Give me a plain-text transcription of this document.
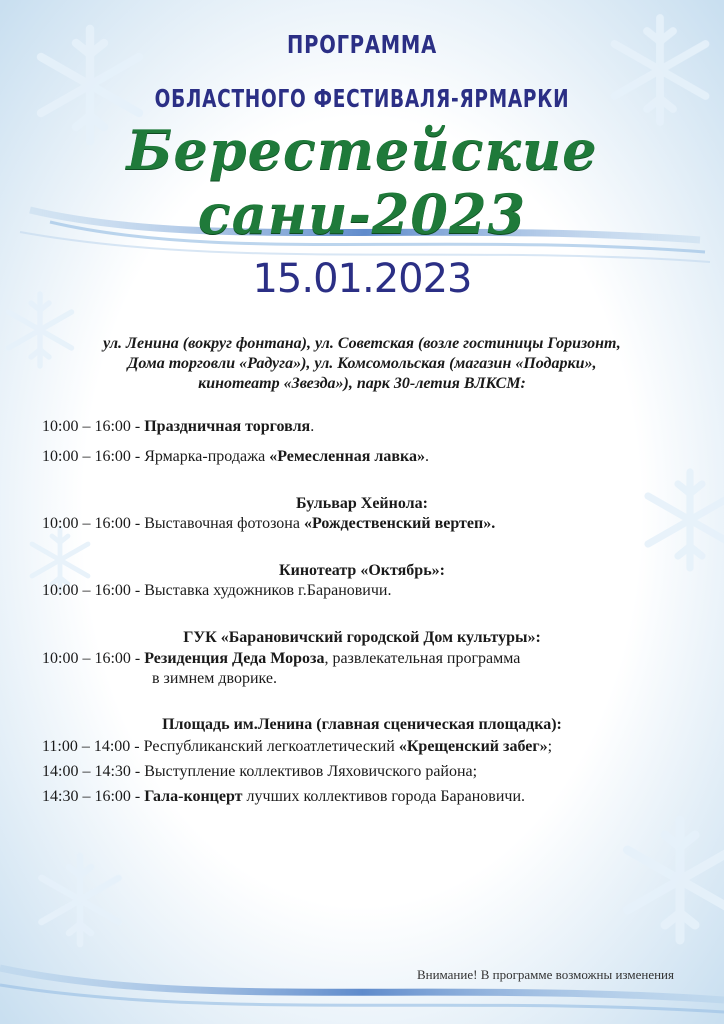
ПРОГРАММА
ОБЛАСТНОГО ФЕСТИВАЛЯ-ЯРМАРКИ
Берестейские сани-2023
15.01.2023
ул. Ленина (вокруг фонтана), ул. Советская (возле гостиницы Горизонт,
Дома торговли «Радуга»), ул. Комсомольская (магазин «Подарки»,
кинотеатр «Звезда»), парк 30-летия ВЛКСМ:
10:00 – 16:00 - Праздничная торговля.
10:00 – 16:00 - Ярмарка-продажа «Ремесленная лавка».
Бульвар Хейнола:
10:00 – 16:00 - Выставочная фотозона «Рождественский вертеп».
Кинотеатр «Октябрь»:
10:00 – 16:00 - Выставка художников г.Барановичи.
ГУК «Барановичский городской Дом культуры»:
10:00 – 16:00 - Резиденция Деда Мороза, развлекательная программа
в зимнем дворике.
Площадь им.Ленина (главная сценическая площадка):
11:00 – 14:00 - Республиканский легкоатлетический «Крещенский забег»;
14:00 – 14:30 - Выступление коллективов Ляховичского района;
14:30 – 16:00 - Гала-концерт лучших коллективов города Барановичи.
Внимание! В программе возможны изменения
